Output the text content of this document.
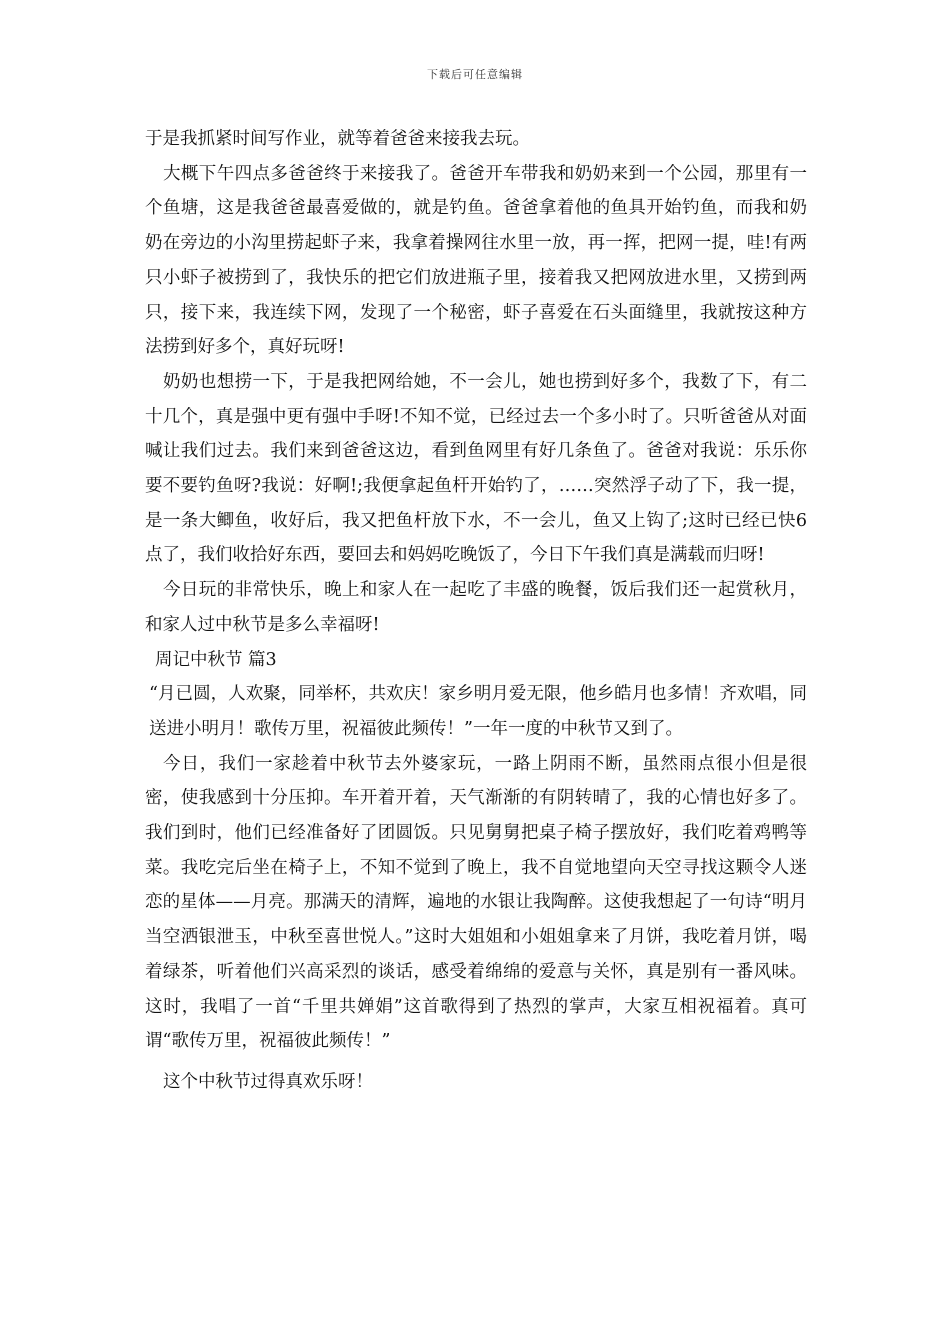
下载后可任意编辑

于是我抓紧时间写作业，就等着爸爸来接我去玩。

大概下午四点多爸爸终于来接我了。爸爸开车带我和奶奶来到一个公园，那里有一个鱼塘，这是我爸爸最喜爱做的，就是钓鱼。爸爸拿着他的鱼具开始钓鱼，而我和奶奶在旁边的小沟里捞起虾子来，我拿着操网往水里一放，再一挥，把网一提，哇!有两只小虾子被捞到了，我快乐的把它们放进瓶子里，接着我又把网放进水里，又捞到两只，接下来，我连续下网，发现了一个秘密，虾子喜爱在石头面缝里，我就按这种方法捞到好多个，真好玩呀!

奶奶也想捞一下，于是我把网给她，不一会儿，她也捞到好多个，我数了下，有二十几个，真是强中更有强中手呀!不知不觉，已经过去一个多小时了。只听爸爸从对面喊让我们过去。我们来到爸爸这边，看到鱼网里有好几条鱼了。爸爸对我说：乐乐你要不要钓鱼呀?我说：好啊!;我便拿起鱼杆开始钓了，……突然浮子动了下，我一提，是一条大鲫鱼，收好后，我又把鱼杆放下水，不一会儿，鱼又上钩了;这时已经已快6点了，我们收拾好东西，要回去和妈妈吃晚饭了，今日下午我们真是满载而归呀!

今日玩的非常快乐，晚上和家人在一起吃了丰盛的晚餐，饭后我们还一起赏秋月，和家人过中秋节是多么幸福呀!

周记中秋节 篇3

“月已圆，人欢聚，同举杯，共欢庆！家乡明月爱无限，他乡皓月也多情！齐欢唱，同送进小明月！歌传万里，祝福彼此频传！”一年一度的中秋节又到了。

今日，我们一家趁着中秋节去外婆家玩，一路上阴雨不断，虽然雨点很小但是很密，使我感到十分压抑。车开着开着，天气渐渐的有阴转晴了，我的心情也好多了。我们到时，他们已经准备好了团圆饭。只见舅舅把桌子椅子摆放好，我们吃着鸡鸭等菜。我吃完后坐在椅子上，不知不觉到了晚上，我不自觉地望向天空寻找这颗令人迷恋的星体——月亮。那满天的清辉，遍地的水银让我陶醉。这使我想起了一句诗“明月当空洒银泄玉，中秋至喜世悦人。”这时大姐姐和小姐姐拿来了月饼，我吃着月饼，喝着绿茶，听着他们兴高采烈的谈话，感受着绵绵的爱意与关怀，真是别有一番风味。这时，我唱了一首“千里共婵娟”这首歌得到了热烈的掌声，大家互相祝福着。真可谓“歌传万里，祝福彼此频传！”

这个中秋节过得真欢乐呀！
